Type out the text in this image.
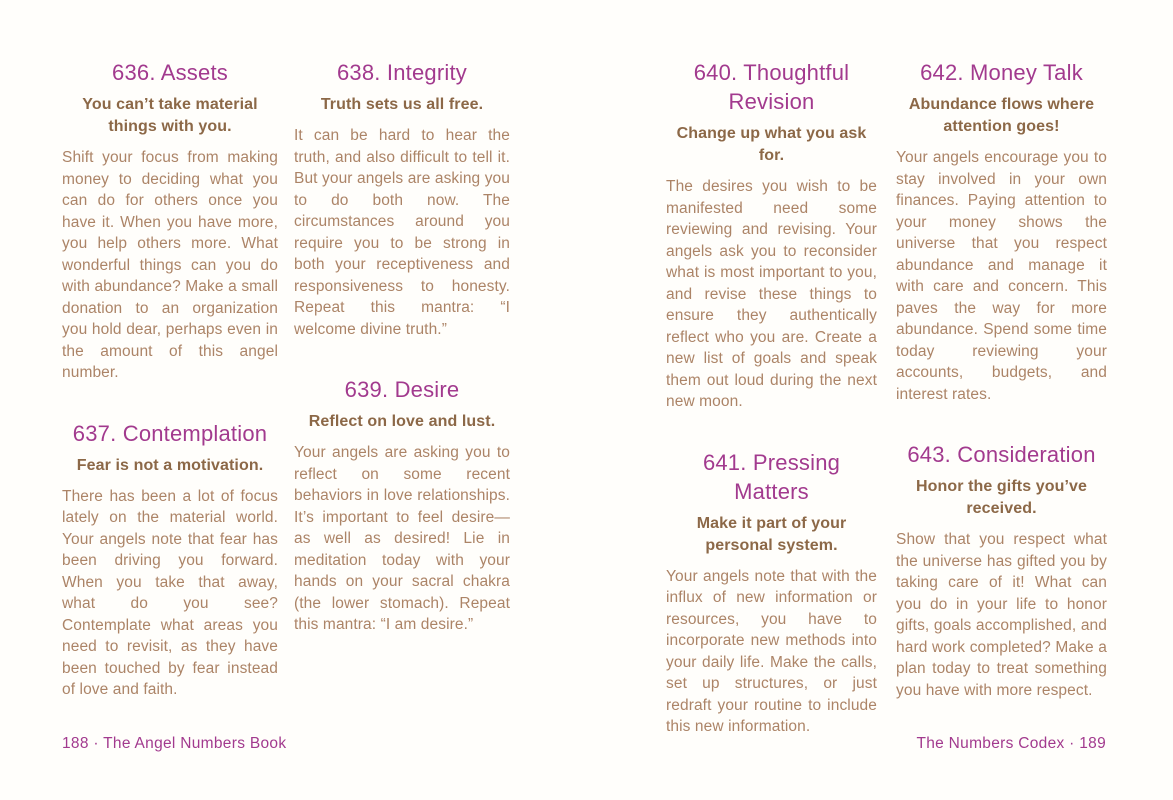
636. Assets
You can’t take material things with you.

Shift your focus from making money to deciding what you can do for others once you have it. When you have more, you help others more. What wonderful things can you do with abundance? Make a small donation to an organization you hold dear, perhaps even in the amount of this angel number.

637. Contemplation
Fear is not a motivation.

There has been a lot of focus lately on the material world. Your angels note that fear has been driving you forward. When you take that away, what do you see? Contemplate what areas you need to revisit, as they have been touched by fear instead of love and faith.

638. Integrity
Truth sets us all free.

It can be hard to hear the truth, and also difficult to tell it. But your angels are asking you to do both now. The circumstances around you require you to be strong in both your receptiveness and responsiveness to honesty. Repeat this mantra: “I welcome divine truth.”

639. Desire
Reflect on love and lust.

Your angels are asking you to reflect on some recent behaviors in love relationships. It’s important to feel desire—as well as desired! Lie in meditation today with your hands on your sacral chakra (the lower stomach). Repeat this mantra: “I am desire.”

640. Thoughtful Revision
Change up what you ask for.

The desires you wish to be manifested need some reviewing and revising. Your angels ask you to reconsider what is most important to you, and revise these things to ensure they authentically reflect who you are. Create a new list of goals and speak them out loud during the next new moon.

641. Pressing Matters
Make it part of your personal system.

Your angels note that with the influx of new information or resources, you have to incorporate new methods into your daily life. Make the calls, set up structures, or just redraft your routine to include this new information.

642. Money Talk
Abundance flows where attention goes!

Your angels encourage you to stay involved in your own finances. Paying attention to your money shows the universe that you respect abundance and manage it with care and concern. This paves the way for more abundance. Spend some time today reviewing your accounts, budgets, and interest rates.

643. Consideration
Honor the gifts you’ve received.

Show that you respect what the universe has gifted you by taking care of it! What can you do in your life to honor gifts, goals accomplished, and hard work completed? Make a plan today to treat something you have with more respect.

188 · The Angel Numbers Book	The Numbers Codex · 189
